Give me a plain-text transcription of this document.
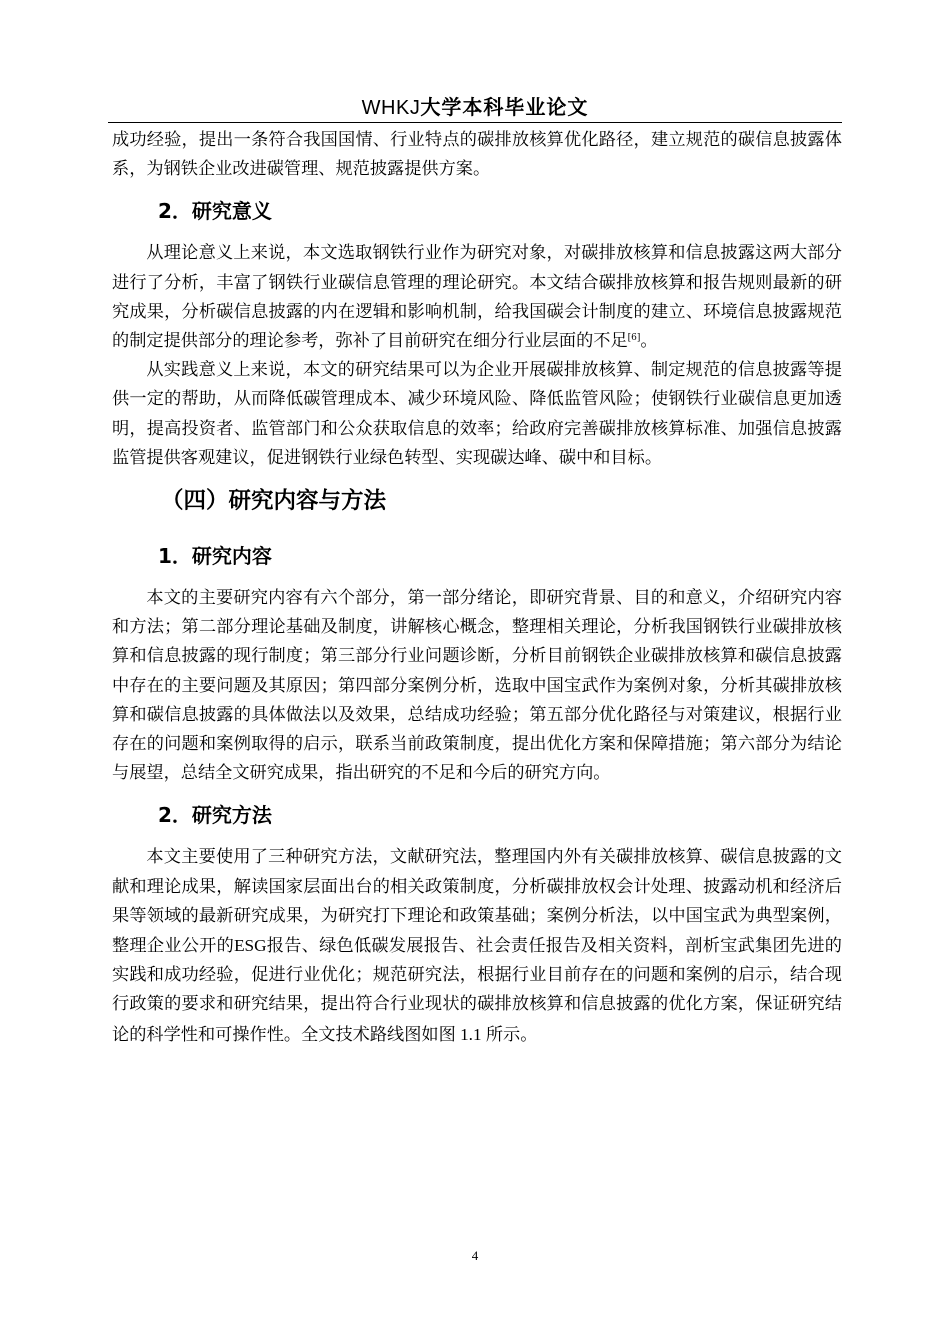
WHKJ大学本科毕业论文

成功经验，提出一条符合我国国情、行业特点的碳排放核算优化路径，建立规范的碳信息披露体系，为钢铁企业改进碳管理、规范披露提供方案。

2．研究意义

从理论意义上来说，本文选取钢铁行业作为研究对象，对碳排放核算和信息披露这两大部分进行了分析，丰富了钢铁行业碳信息管理的理论研究。本文结合碳排放核算和报告规则最新的研究成果，分析碳信息披露的内在逻辑和影响机制，给我国碳会计制度的建立、环境信息披露规范的制定提供部分的理论参考，弥补了目前研究在细分行业层面的不足[6]。

从实践意义上来说，本文的研究结果可以为企业开展碳排放核算、制定规范的信息披露等提供一定的帮助，从而降低碳管理成本、减少环境风险、降低监管风险；使钢铁行业碳信息更加透明，提高投资者、监管部门和公众获取信息的效率；给政府完善碳排放核算标准、加强信息披露监管提供客观建议，促进钢铁行业绿色转型、实现碳达峰、碳中和目标。

（四）研究内容与方法
1．研究内容

本文的主要研究内容有六个部分，第一部分绪论，即研究背景、目的和意义，介绍研究内容和方法；第二部分理论基础及制度，讲解核心概念，整理相关理论，分析我国钢铁行业碳排放核算和信息披露的现行制度；第三部分行业问题诊断，分析目前钢铁企业碳排放核算和碳信息披露中存在的主要问题及其原因；第四部分案例分析，选取中国宝武作为案例对象，分析其碳排放核算和碳信息披露的具体做法以及效果，总结成功经验；第五部分优化路径与对策建议，根据行业存在的问题和案例取得的启示，联系当前政策制度，提出优化方案和保障措施；第六部分为结论与展望，总结全文研究成果，指出研究的不足和今后的研究方向。

2．研究方法

本文主要使用了三种研究方法，文献研究法，整理国内外有关碳排放核算、碳信息披露的文献和理论成果，解读国家层面出台的相关政策制度，分析碳排放权会计处理、披露动机和经济后果等领域的最新研究成果，为研究打下理论和政策基础；案例分析法，以中国宝武为典型案例，整理企业公开的ESG报告、绿色低碳发展报告、社会责任报告及相关资料，剖析宝武集团先进的实践和成功经验，促进行业优化；规范研究法，根据行业目前存在的问题和案例的启示，结合现行政策的要求和研究结果，提出符合行业现状的碳排放核算和信息披露的优化方案，保证研究结论的科学性和可操作性。全文技术路线图如图 1.1 所示。

4
